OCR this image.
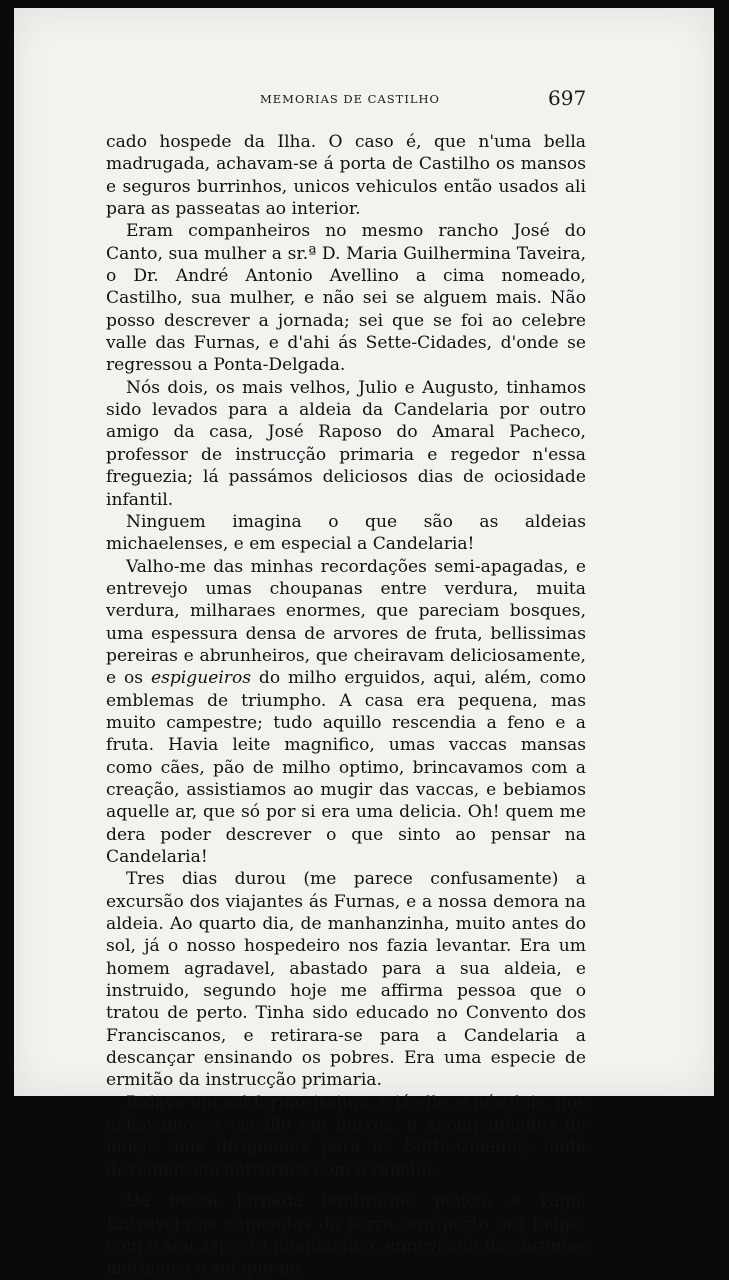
MEMORIAS DE CASTILHO	697

cado hospede da Ilha. O caso é, que n'uma bella madrugada, achavam-se á porta de Castilho os mansos e seguros burrinhos, unicos vehiculos então usados ali para as passeatas ao interior.

Eram companheiros no mesmo rancho José do Canto, sua mulher a sr.ª D. Maria Guilhermina Taveira, o Dr. André Antonio Avellino a cima nomeado, Castilho, sua mulher, e não sei se alguem mais. Não posso descrever a jornada; sei que se foi ao celebre valle das Furnas, e d'ahi ás Sette-Cidades, d'onde se regressou a Ponta-Delgada.

Nós dois, os mais velhos, Julio e Augusto, tinhamos sido levados para a aldeia da Candelaria por outro amigo da casa, José Raposo do Amaral Pacheco, professor de instrucção primaria e regedor n'essa freguezia; lá passámos deliciosos dias de ociosidade infantil.

Ninguem imagina o que são as aldeias michaelenses, e em especial a Candelaria!

Valho-me das minhas recordações semi-apagadas, e entrevejo umas choupanas entre verdura, muita verdura, milharaes enormes, que pareciam bosques, uma espessura densa de arvores de fruta, bellissimas pereiras e abrunheiros, que cheiravam deliciosamente, e os espigueiros do milho erguidos, aqui, além, como emblemas de triumpho. A casa era pequena, mas muito campestre; tudo aquillo rescendia a feno e a fruta. Havia leite magnifico, umas vaccas mansas como cães, pão de milho optimo, brincavamos com a creação, assistiamos ao mugir das vaccas, e bebiamos aquelle ar, que só por si era uma delicia. Oh! quem me dera poder descrever o que sinto ao pensar na Candelaria!

Tres dias durou (me parece confusamente) a excursão dos viajantes ás Furnas, e a nossa demora na aldeia. Ao quarto dia, de manhanzinha, muito antes do sol, já o nosso hospedeiro nos fazia levantar. Era um homem agradavel, abastado para a sua aldeia, e instruido, segundo hoje me affirma pessoa que o tratou de perto. Tinha sido educado no Convento dos Franciscanos, e retirara-se para a Candelaria a descançar ensinando os pobres. Era uma especie de ermitão da instrucção primaria.

Raiava um sol formosissimo, e já elle, e nós dois, nos achavamos a cavallo em burros, e acompanhados de moços nos dirigiamos para as Sette-Cidades, onde deviamos encontrarnos com o rancho.

Da nossa jornada lembro-me pouco, e vago. Entrevejo as cumeadas da serra, ora perto ora longe, com o seu aspecto phantastico, ennevoado das brumas matinaes; e sei que no
